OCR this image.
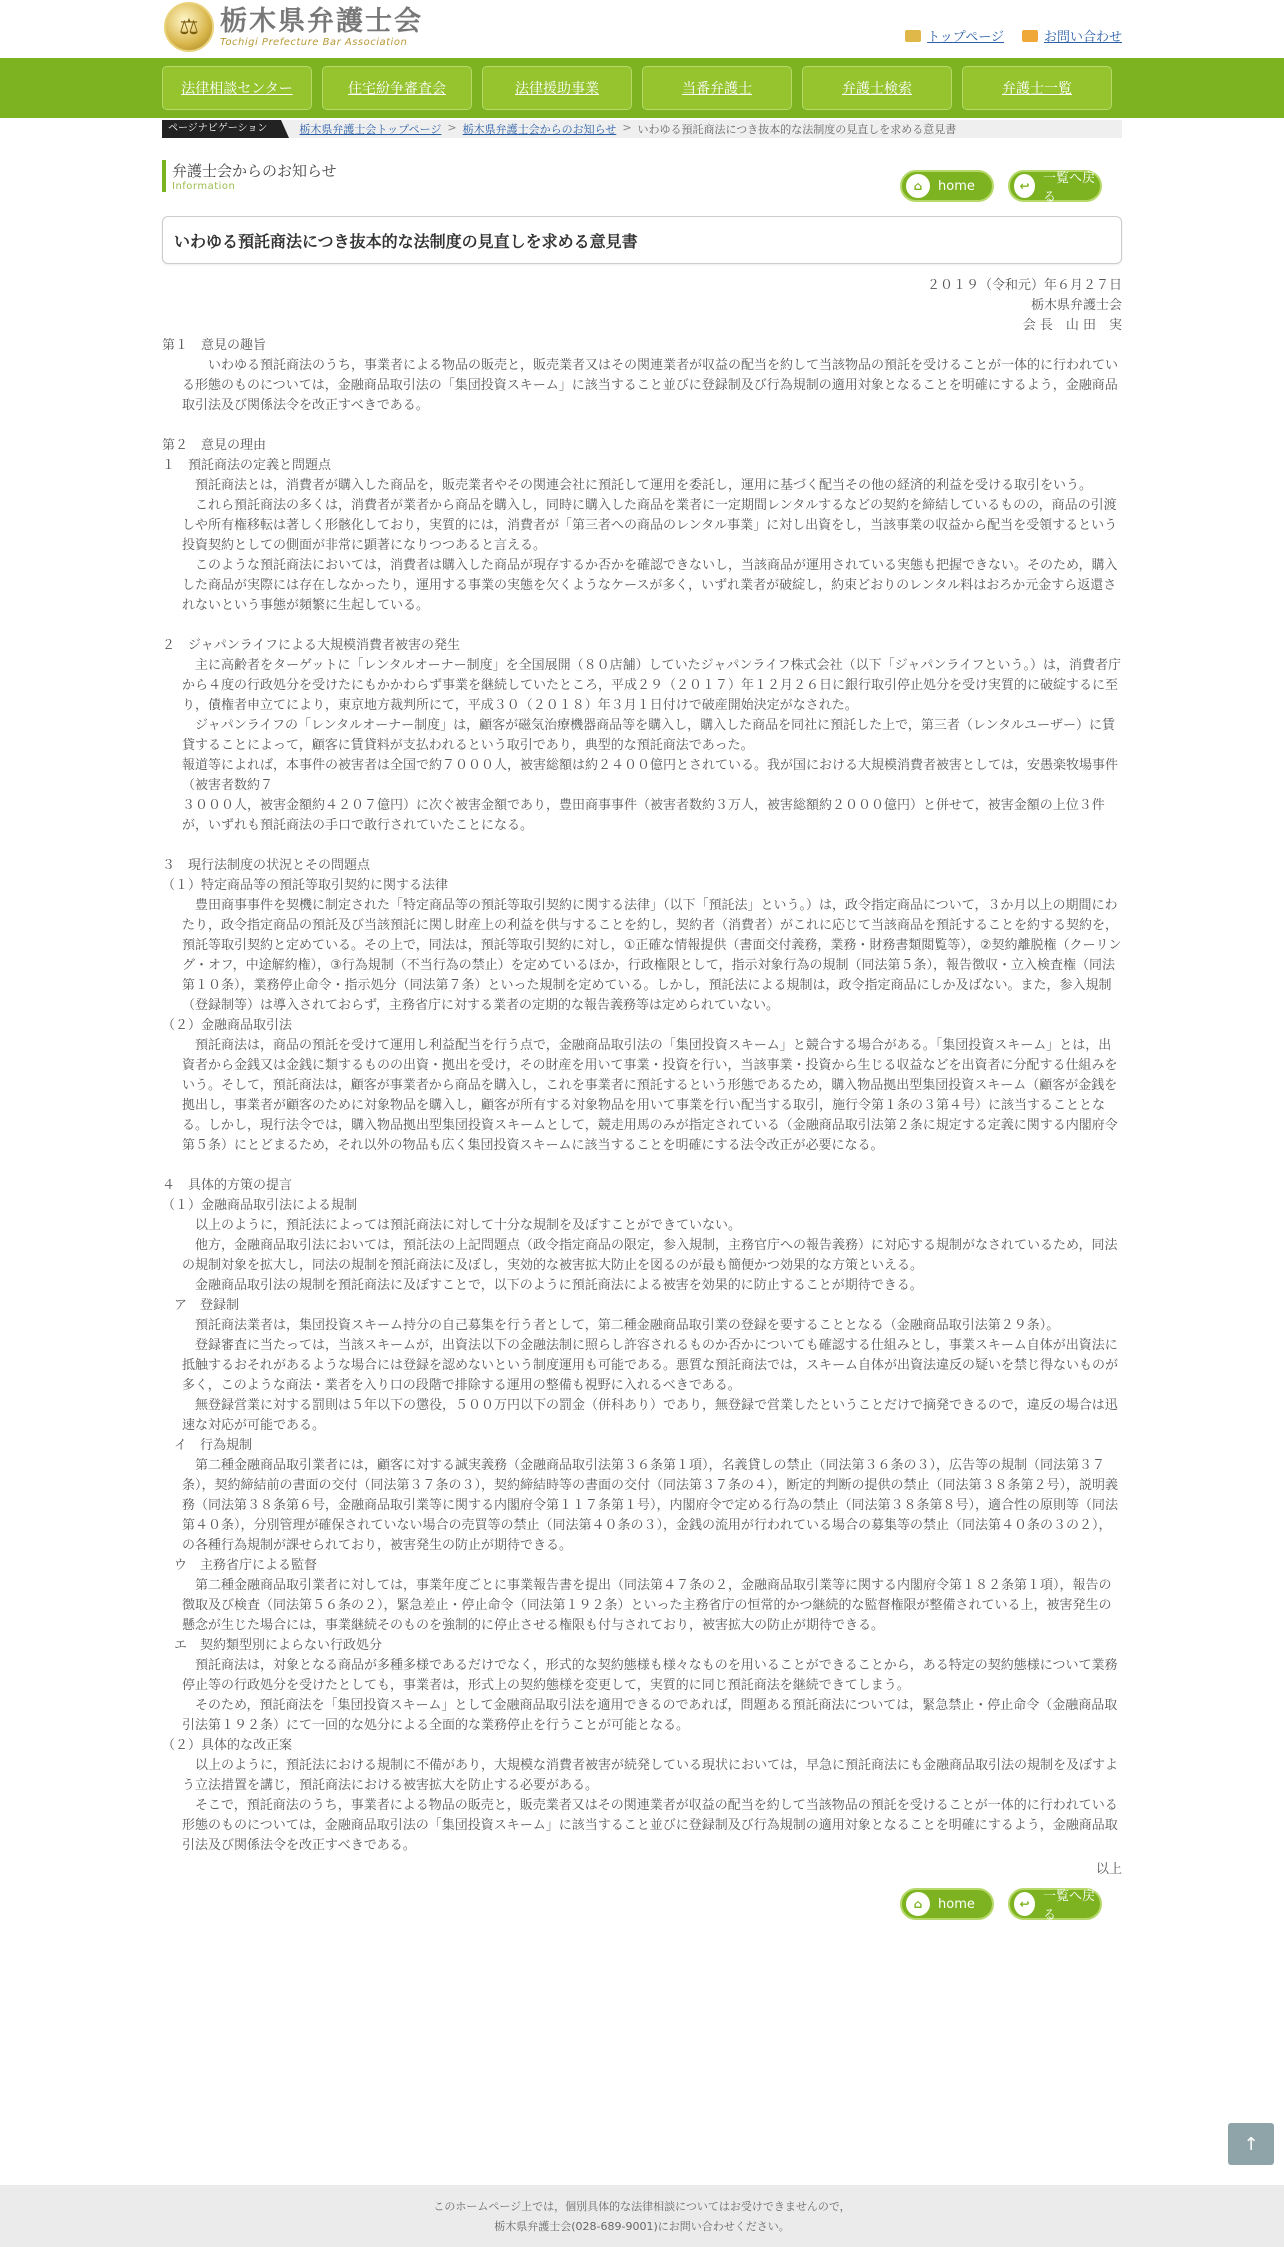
⚖ 栃木県弁護士会
Tochigi Prefecture Bar Association	トップページ	お問い合わせ
法律相談センター	住宅紛争審査会	法律援助事業	当番弁護士	弁護士検索	弁護士一覧
ページナビゲーション	栃木県弁護士会トップページ > 栃木県弁護士会からのお知らせ > いわゆる預託商法につき抜本的な法制度の見直しを求める意見書
弁護士会からのお知らせ
Information	⌂	home	↩	一覧へ戻る
いわゆる預託商法につき抜本的な法制度の見直しを求める意見書
２０１９（令和元）年６月２７日
栃木県弁護士会
会 長　山 田　実
第１　意見の趣旨
いわゆる預託商法のうち，事業者による物品の販売と，販売業者又はその関連業者が収益の配当を約して当該物品の預託を受けることが一体的に行われている形態のものについては，金融商品取引法の「集団投資スキーム」に該当すること並びに登録制及び行為規制の適用対象となることを明確にするよう，金融商品取引法及び関係法令を改正すべきである。
第２　意見の理由
１　預託商法の定義と問題点
預託商法とは，消費者が購入した商品を，販売業者やその関連会社に預託して運用を委託し，運用に基づく配当その他の経済的利益を受ける取引をいう。
これら預託商法の多くは，消費者が業者から商品を購入し，同時に購入した商品を業者に一定期間レンタルするなどの契約を締結しているものの，商品の引渡しや所有権移転は著しく形骸化しており，実質的には，消費者が「第三者への商品のレンタル事業」に対し出資をし，当該事業の収益から配当を受領するという投資契約としての側面が非常に顕著になりつつあると言える。
このような預託商法においては，消費者は購入した商品が現存するか否かを確認できないし，当該商品が運用されている実態も把握できない。そのため，購入した商品が実際には存在しなかったり，運用する事業の実態を欠くようなケースが多く，いずれ業者が破綻し，約束どおりのレンタル料はおろか元金すら返還されないという事態が頻繁に生起している。
２　ジャパンライフによる大規模消費者被害の発生
主に高齢者をターゲットに「レンタルオーナー制度」を全国展開（８０店舗）していたジャパンライフ株式会社（以下「ジャパンライフという。）は，消費者庁から４度の行政処分を受けたにもかかわらず事業を継続していたところ，平成２９（２０１７）年１２月２６日に銀行取引停止処分を受け実質的に破綻するに至り，債権者申立てにより，東京地方裁判所にて，平成３０（２０１８）年３月１日付けで破産開始決定がなされた。
ジャパンライフの「レンタルオーナー制度」は，顧客が磁気治療機器商品等を購入し，購入した商品を同社に預託した上で，第三者（レンタルユーザー）に賃貸することによって，顧客に賃貸料が支払われるという取引であり，典型的な預託商法であった。
報道等によれば，本事件の被害者は全国で約７０００人，被害総額は約２４００億円とされている。我が国における大規模消費者被害としては，安愚楽牧場事件（被害者数約７
３０００人，被害金額約４２０７億円）に次ぐ被害金額であり，豊田商事事件（被害者数約３万人，被害総額約２０００億円）と併せて，被害金額の上位３件が，いずれも預託商法の手口で敢行されていたことになる。
３　現行法制度の状況とその問題点
（１）特定商品等の預託等取引契約に関する法律
豊田商事事件を契機に制定された「特定商品等の預託等取引契約に関する法律」（以下「預託法」という。）は，政令指定商品について，３か月以上の期間にわたり，政令指定商品の預託及び当該預託に関し財産上の利益を供与することを約し，契約者（消費者）がこれに応じて当該商品を預託することを約する契約を，預託等取引契約と定めている。その上で，同法は，預託等取引契約に対し，①正確な情報提供（書面交付義務，業務・財務書類閲覧等），②契約離脱権（クーリング・オフ，中途解約権），③行為規制（不当行為の禁止）を定めているほか，行政権限として，指示対象行為の規制（同法第５条），報告徴収・立入検査権（同法第１０条），業務停止命令・指示処分（同法第７条）といった規制を定めている。しかし，預託法による規制は，政令指定商品にしか及ばない。また，参入規制（登録制等）は導入されておらず，主務省庁に対する業者の定期的な報告義務等は定められていない。
（２）金融商品取引法
預託商法は，商品の預託を受けて運用し利益配当を行う点で，金融商品取引法の「集団投資スキーム」と競合する場合がある。「集団投資スキーム」とは，出資者から金銭又は金銭に類するものの出資・拠出を受け，その財産を用いて事業・投資を行い，当該事業・投資から生じる収益などを出資者に分配する仕組みをいう。そして，預託商法は，顧客が事業者から商品を購入し，これを事業者に預託するという形態であるため，購入物品拠出型集団投資スキーム（顧客が金銭を拠出し，事業者が顧客のために対象物品を購入し，顧客が所有する対象物品を用いて事業を行い配当する取引，施行令第１条の３第４号）に該当することとなる。しかし，現行法令では，購入物品拠出型集団投資スキームとして，競走用馬のみが指定されている（金融商品取引法第２条に規定する定義に関する内閣府令第５条）にとどまるため，それ以外の物品も広く集団投資スキームに該当することを明確にする法令改正が必要になる。
４　具体的方策の提言
（１）金融商品取引法による規制
以上のように，預託法によっては預託商法に対して十分な規制を及ぼすことができていない。
他方，金融商品取引法においては，預託法の上記問題点（政令指定商品の限定，参入規制，主務官庁への報告義務）に対応する規制がなされているため，同法の規制対象を拡大し，同法の規制を預託商法に及ぼし，実効的な被害拡大防止を図るのが最も簡便かつ効果的な方策といえる。
金融商品取引法の規制を預託商法に及ぼすことで，以下のように預託商法による被害を効果的に防止することが期待できる。
ア　登録制
預託商法業者は，集団投資スキーム持分の自己募集を行う者として，第二種金融商品取引業の登録を要することとなる（金融商品取引法第２９条）。
登録審査に当たっては，当該スキームが，出資法以下の金融法制に照らし許容されるものか否かについても確認する仕組みとし，事業スキーム自体が出資法に抵触するおそれがあるような場合には登録を認めないという制度運用も可能である。悪質な預託商法では，スキーム自体が出資法違反の疑いを禁じ得ないものが多く，このような商法・業者を入り口の段階で排除する運用の整備も視野に入れるべきである。
無登録営業に対する罰則は５年以下の懲役，５００万円以下の罰金（併科あり）であり，無登録で営業したということだけで摘発できるので，違反の場合は迅速な対応が可能である。
イ　行為規制
第二種金融商品取引業者には，顧客に対する誠実義務（金融商品取引法第３６条第１項），名義貸しの禁止（同法第３６条の３），広告等の規制（同法第３７条），契約締結前の書面の交付（同法第３７条の３），契約締結時等の書面の交付（同法第３７条の４），断定的判断の提供の禁止（同法第３８条第２号），説明義務（同法第３８条第６号，金融商品取引業等に関する内閣府令第１１７条第１号），内閣府令で定める行為の禁止（同法第３８条第８号），適合性の原則等（同法第４０条），分別管理が確保されていない場合の売買等の禁止（同法第４０条の３），金銭の流用が行われている場合の募集等の禁止（同法第４０条の３の２），の各種行為規制が課せられており，被害発生の防止が期待できる。
ウ　主務省庁による監督
第二種金融商品取引業者に対しては，事業年度ごとに事業報告書を提出（同法第４７条の２，金融商品取引業等に関する内閣府令第１８２条第１項），報告の徴取及び検査（同法第５６条の２），緊急差止・停止命令（同法第１９２条）といった主務省庁の恒常的かつ継続的な監督権限が整備されている上，被害発生の懸念が生じた場合には，事業継続そのものを強制的に停止させる権限も付与されており，被害拡大の防止が期待できる。
エ　契約類型別によらない行政処分
預託商法は，対象となる商品が多種多様であるだけでなく，形式的な契約態様も様々なものを用いることができることから，ある特定の契約態様について業務停止等の行政処分を受けたとしても，事業者は，形式上の契約態様を変更して，実質的に同じ預託商法を継続できてしまう。
そのため，預託商法を「集団投資スキーム」として金融商品取引法を適用できるのであれば，問題ある預託商法については，緊急禁止・停止命令（金融商品取引法第１９２条）にて一回的な処分による全面的な業務停止を行うことが可能となる。
（２）具体的な改正案
以上のように，預託法における規制に不備があり，大規模な消費者被害が続発している現状においては，早急に預託商法にも金融商品取引法の規制を及ぼすよう立法措置を講じ，預託商法における被害拡大を防止する必要がある。
そこで，預託商法のうち，事業者による物品の販売と，販売業者又はその関連業者が収益の配当を約して当該物品の預託を受けることが一体的に行われている形態のものについては，金融商品取引法の「集団投資スキーム」に該当すること並びに登録制及び行為規制の適用対象となることを明確にするよう，金融商品取引法及び関係法令を改正すべきである。
以上
⌂	home	↩	一覧へ戻る
↑
このホームページ上では，個別具体的な法律相談についてはお受けできませんので，
栃木県弁護士会(028-689-9001)にお問い合わせください。
